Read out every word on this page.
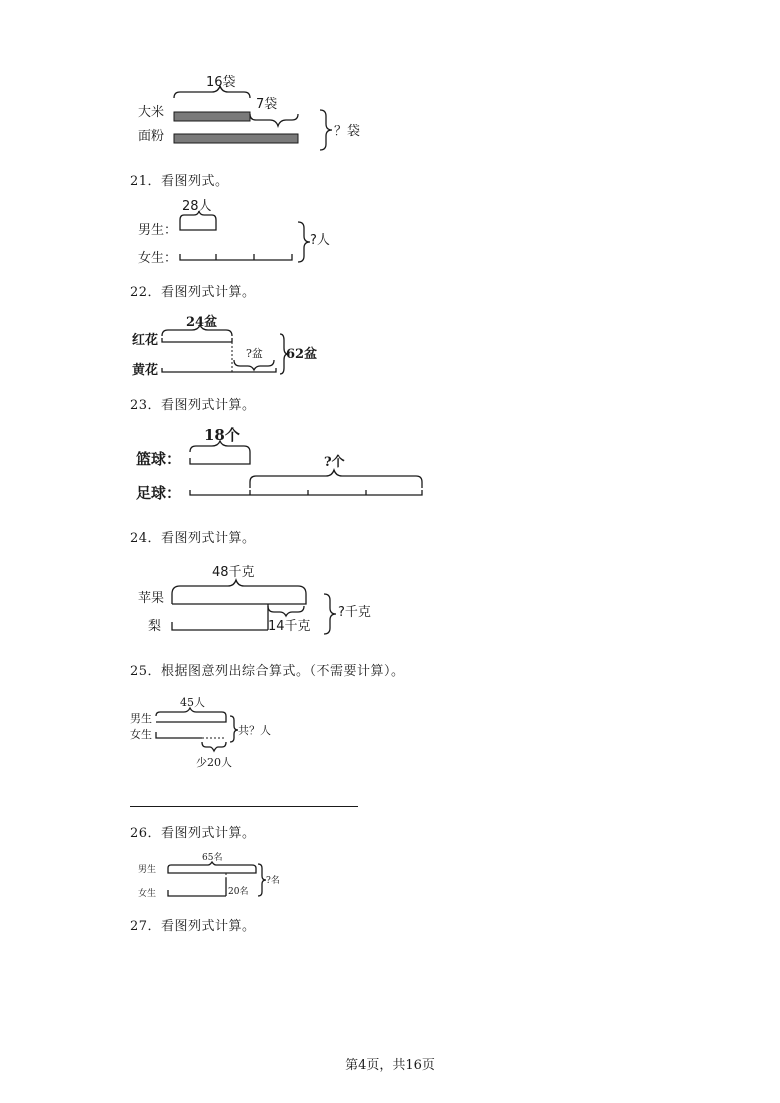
16袋
大米
7袋
面粉	？袋
21．看图列式。
28人
男生：
女生：
?人
22．看图列式计算。
24盆
红花
?盆
黄花
62盆
23．看图列式计算。
18个
篮球：	?个
足球：
24．看图列式计算。
48千克
苹果
梨	14千克
?千克
25．根据图意列出综合算式。（不需要计算）。
45人
男生
女生
少20人
共？人
26．看图列式计算。
65名
男生
女生	20名
?名
27．看图列式计算。
第4页，共16页
